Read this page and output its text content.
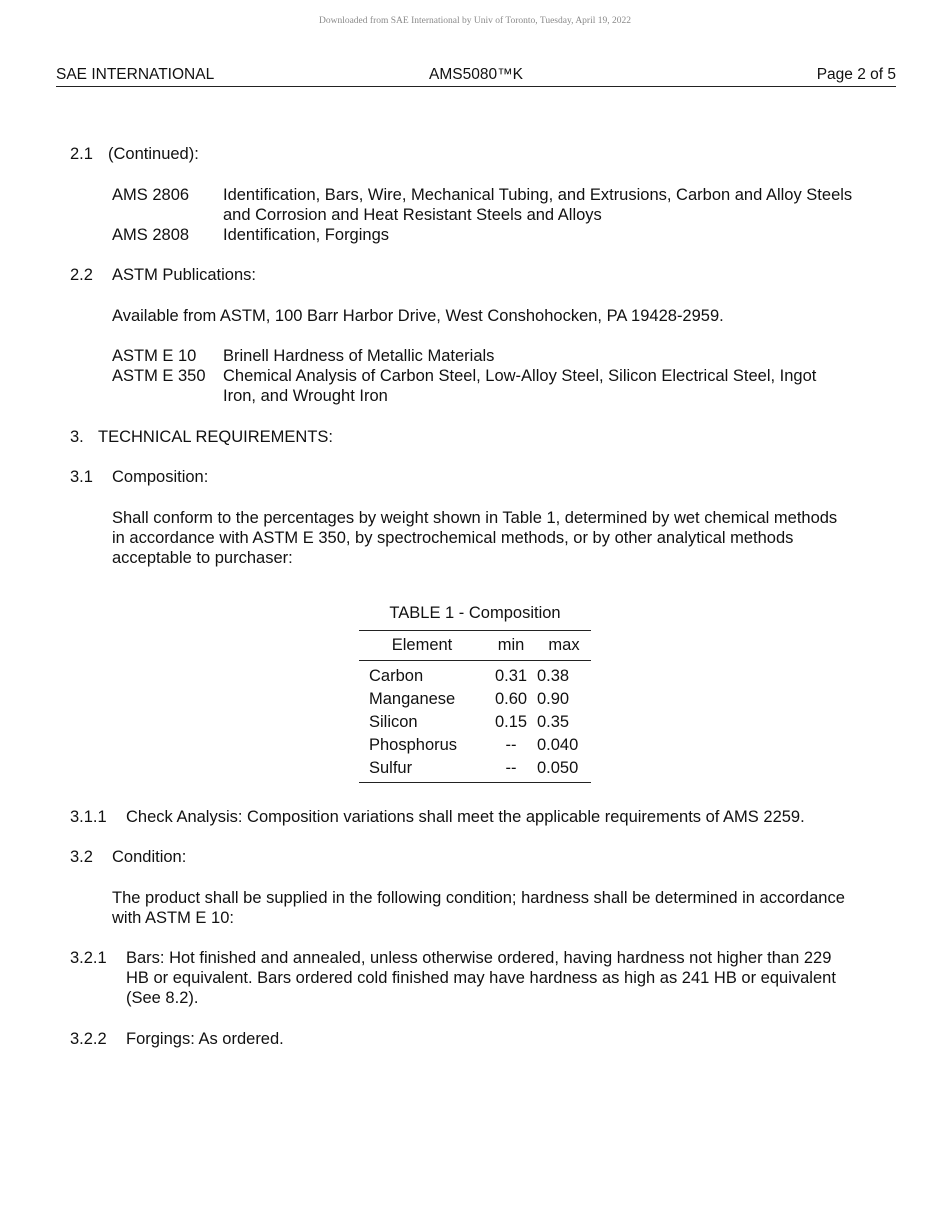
Downloaded from SAE International by Univ of Toronto, Tuesday, April 19, 2022
SAE INTERNATIONAL	AMS5080™K	Page 2 of 5
2.1 (Continued):
AMS 2806 Identification, Bars, Wire, Mechanical Tubing, and Extrusions, Carbon and Alloy Steels
and Corrosion and Heat Resistant Steels and Alloys
AMS 2808 Identification, Forgings
2.2 ASTM Publications:
Available from ASTM, 100 Barr Harbor Drive, West Conshohocken, PA 19428-2959.
ASTM E 10 Brinell Hardness of Metallic Materials
ASTM E 350 Chemical Analysis of Carbon Steel, Low-Alloy Steel, Silicon Electrical Steel, Ingot
Iron, and Wrought Iron
3. TECHNICAL REQUIREMENTS:
3.1 Composition:
Shall conform to the percentages by weight shown in Table 1, determined by wet chemical methods
in accordance with ASTM E 350, by spectrochemical methods, or by other analytical methods
acceptable to purchaser:
TABLE 1 - Composition
Element	min	max
Carbon	0.31	0.38
Manganese	0.60	0.90
Silicon	0.15	0.35
Phosphorus	--	0.040
Sulfur	--	0.050
3.1.1 Check Analysis: Composition variations shall meet the applicable requirements of AMS 2259.
3.2 Condition:
The product shall be supplied in the following condition; hardness shall be determined in accordance
with ASTM E 10:
3.2.1 Bars: Hot finished and annealed, unless otherwise ordered, having hardness not higher than 229
HB or equivalent. Bars ordered cold finished may have hardness as high as 241 HB or equivalent
(See 8.2).
3.2.2 Forgings: As ordered.
